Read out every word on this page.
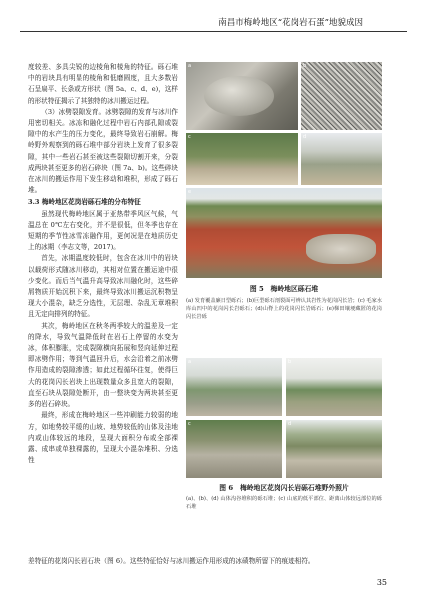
南昌市梅岭地区“花岗岩石蛋”地貌成因

度较差、多具尖锐的边棱角和棱角的特征。砾石堆中的岩块具有明显的棱角和低磨圆度，且大多数岩石呈扁平、长条或方形状（图 5a、c、d、e)，这样的形状特征揭示了其独特的冰川搬运过程。

（3）冰劈裂隙发育。冰劈裂隙的发育与冰川作用密切相关。冰冻和融化过程中岩石内部孔隙或裂隙中的水产生的压力变化，最终导致岩石崩解。梅岭野外观察到的砾石堆中部分岩块上发育了很多裂隙，其中一些岩石甚至被这些裂隙切割开来，分裂成两块甚至更多的岩石碎块（图 7a、b)。这些碎块在冰川的搬运作用下发生移动和堆积，形成了砾石堆。

3.3 梅岭地区花岗岩砾石堆的分布特征

虽然现代梅岭地区属于亚热带季风区气候，气温总在 0℃左右变化，并不是很低，但冬季也存在短期的季节性冰雪冻融作用，更何况是在地质历史上的冰期（李志文等，2017)。

首先，冰期温度较低时，包含在冰川中的岩块以载荷形式随冰川移动，其相对位置在搬运途中很少变化。而后当气温升高导致冰川融化时，这些碎屑物质开始沉积下来，最终导致冰川搬运沉积物呈现大小混杂，缺乏分选性，无层理、杂乱无章堆积且无定向排列的特征。

其次，梅岭地区在秋冬两季较大的温差及一定的降水，导致气温降低时在岩石上停留的水变为冰，体积膨胀，完成裂隙横向拓展和竖向延伸过程即冰劈作用；等到气温回升后，水会沿着之前冰劈作用造成的裂隙渗透；如此过程循环往复，使得巨大的花岗闪长岩块上出现数量众多且宽大的裂隙，直至石块从裂隙处断开，由一整块变为两块甚至更多的岩石碎块。

最终，形成在梅岭地区一些冲刷能力较弱的地方，如地势较平缓的山坡、地势较低的山体及洼地内或山体较远的地段，呈现大面积分布或全部裸露、成串或单独裸露的，呈现大小混杂堆积、分选性

a	b
c	d
e
图 5　梅岭地区砾石堆
(a) 发育覆盖廉日型砾石；(b)巨型砾石剖裂面可辨认其岩性为花岗闪长岩；(c) 毛家水库山凹中的花岗闪长岩砾石；(d)山脊上的花岗闪长岩砾石；(e)梯田壤埂藏匿的花岗闪长岩砾
a	b
c	d
图 6　梅岭地区花岗闪长岩砾石堆野外照片
(a)、(b)、(d) 山体沟谷堆积的砾石堆；(c) 山底的低平部位、距离山体较远部位的砾石堆
差特征的花岗闪长岩石块（图 6）。这些特征恰好与冰川搬运作用形成的冰碛物所留下的痕迹相符。
35
